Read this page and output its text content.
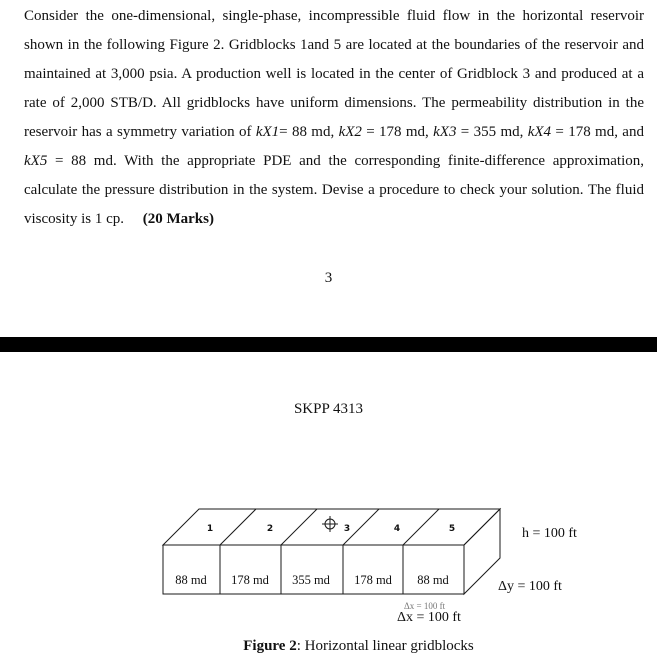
Consider the one-dimensional, single-phase, incompressible fluid flow in the horizontal reservoir shown in the following Figure 2. Gridblocks 1and 5 are located at the boundaries of the reservoir and maintained at 3,000 psia. A production well is located in the center of Gridblock 3 and produced at a rate of 2,000 STB/D. All gridblocks have uniform dimensions. The permeability distribution in the reservoir has a symmetry variation of kX1= 88 md, kX2 = 178 md, kX3 = 355 md, kX4 = 178 md, and kX5 = 88 md. With the appropriate PDE and the corresponding finite-difference approximation, calculate the pressure distribution in the system. Devise a procedure to check your solution. The fluid viscosity is 1 cp. (20 Marks)

3
SKPP 4313
1	2	3	4	5
88 md 178 md 355 md 178 md 88 md
h = 100 ft
Δy = 100 ft
Δx = 100 ft
Δx = 100 ft

Figure 2: Horizontal linear gridblocks
